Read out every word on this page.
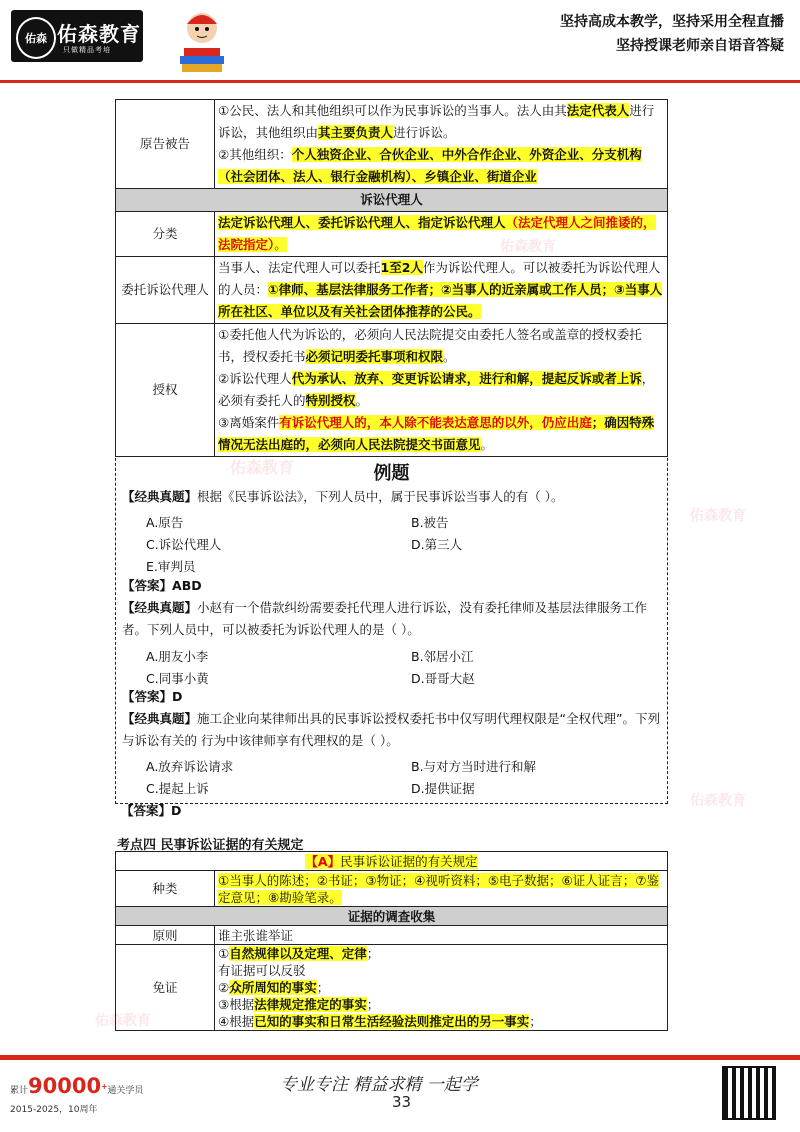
佑森 佑森教育
只做精品考培
坚持高成本教学，坚持采用全程直播
坚持授课老师亲自语音答疑
佑森教育
佑森教育
佑森教育
佑森教育
佑森教育
原告被告	①公民、法人和其他组织可以作为民事诉讼的当事人。法人由其法定代表人进行诉讼，其他组织由其主要负责人进行诉讼。
②其他组织：个人独资企业、合伙企业、中外合作企业、外资企业、分支机构（社会团体、法人、银行金融机构）、乡镇企业、街道企业
诉讼代理人	
分类	法定诉讼代理人、委托诉讼代理人、指定诉讼代理人（法定代理人之间推诿的，法院指定）。
委托诉讼代理人	当事人、法定代理人可以委托1至2人作为诉讼代理人。可以被委托为诉讼代理人的人员：①律师、基层法律服务工作者；②当事人的近亲属或工作人员；③当事人所在社区、单位以及有关社会团体推荐的公民。
授权	①委托他人代为诉讼的，必须向人民法院提交由委托人签名或盖章的授权委托书，授权委托书必须记明委托事项和权限。
②诉讼代理人代为承认、放弃、变更诉讼请求，进行和解，提起反诉或者上诉，必须有委托人的特别授权。
③离婚案件有诉讼代理人的，本人除不能表达意思的以外，仍应出庭；确因特殊情况无法出庭的，必须向人民法院提交书面意见。
例题
【经典真题】根据《民事诉讼法》，下列人员中，属于民事诉讼当事人的有（ ）。
A.原告	B.被告
C.诉讼代理人	D.第三人
E.审判员
【答案】ABD
【经典真题】小赵有一个借款纠纷需要委托代理人进行诉讼，没有委托律师及基层法律服务工作者。下列人员中，可以被委托为诉讼代理人的是（ ）。
A.朋友小李	B.邻居小江
C.同事小黄	D.哥哥大赵
【答案】D
【经典真题】施工企业向某律师出具的民事诉讼授权委托书中仅写明代理权限是“全权代理”。下列与诉讼有关的 行为中该律师享有代理权的是（ ）。
A.放弃诉讼请求	B.与对方当时进行和解
C.提起上诉	D.提供证据
【答案】D
考点四 民事诉讼证据的有关规定
【A】民事诉讼证据的有关规定	
种类	①当事人的陈述；②书证；③物证；④视听资料；⑤电子数据；⑥证人证言；⑦鉴定意见；⑧勘验笔录。
证据的调查收集	
原则	谁主张谁举证
免证	①自然规律以及定理、定律；
有证据可以反驳
②众所周知的事实；
③根据法律规定推定的事实；
④根据已知的事实和日常生活经验法则推定出的另一事实；
累计90000+通关学员
2015-2025，10周年
专业专注 精益求精 一起学
33
